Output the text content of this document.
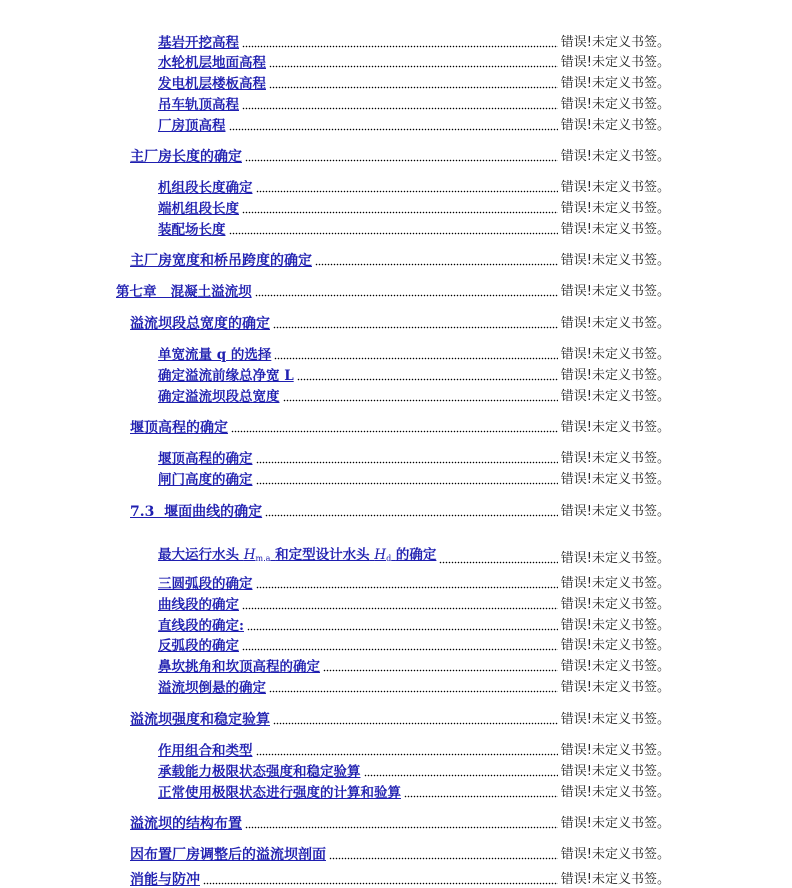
基岩开挖高程	错误!未定义书签。
水轮机层地面高程	错误!未定义书签。
发电机层楼板高程	错误!未定义书签。
吊车轨顶高程	错误!未定义书签。
厂房顶高程	错误!未定义书签。
主厂房长度的确定	错误!未定义书签。
机组段长度确定	错误!未定义书签。
端机组段长度	错误!未定义书签。
装配场长度	错误!未定义书签。
主厂房宽度和桥吊跨度的确定	错误!未定义书签。
第七章   混凝土溢流坝	错误!未定义书签。
溢流坝段总宽度的确定	错误!未定义书签。
单宽流量 q 的选择	错误!未定义书签。
确定溢流前缘总净宽 L	错误!未定义书签。
确定溢流坝段总宽度	错误!未定义书签。
堰顶高程的确定	错误!未定义书签。
堰顶高程的确定	错误!未定义书签。
闸门高度的确定	错误!未定义书签。
7.3  堰面曲线的确定	错误!未定义书签。
最大运行水头 $H_{m a}$ 和定型设计水头 $H_d$ 的确定	错误!未定义书签。
三圆弧段的确定	错误!未定义书签。
曲线段的确定	错误!未定义书签。
直线段的确定:	错误!未定义书签。
反弧段的确定	错误!未定义书签。
鼻坎挑角和坎顶高程的确定	错误!未定义书签。
溢流坝倒悬的确定	错误!未定义书签。
溢流坝强度和稳定验算	错误!未定义书签。
作用组合和类型	错误!未定义书签。
承载能力极限状态强度和稳定验算	错误!未定义书签。
正常使用极限状态进行强度的计算和验算	错误!未定义书签。
溢流坝的结构布置	错误!未定义书签。
因布置厂房调整后的溢流坝剖面	错误!未定义书签。
消能与防冲	错误!未定义书签。
